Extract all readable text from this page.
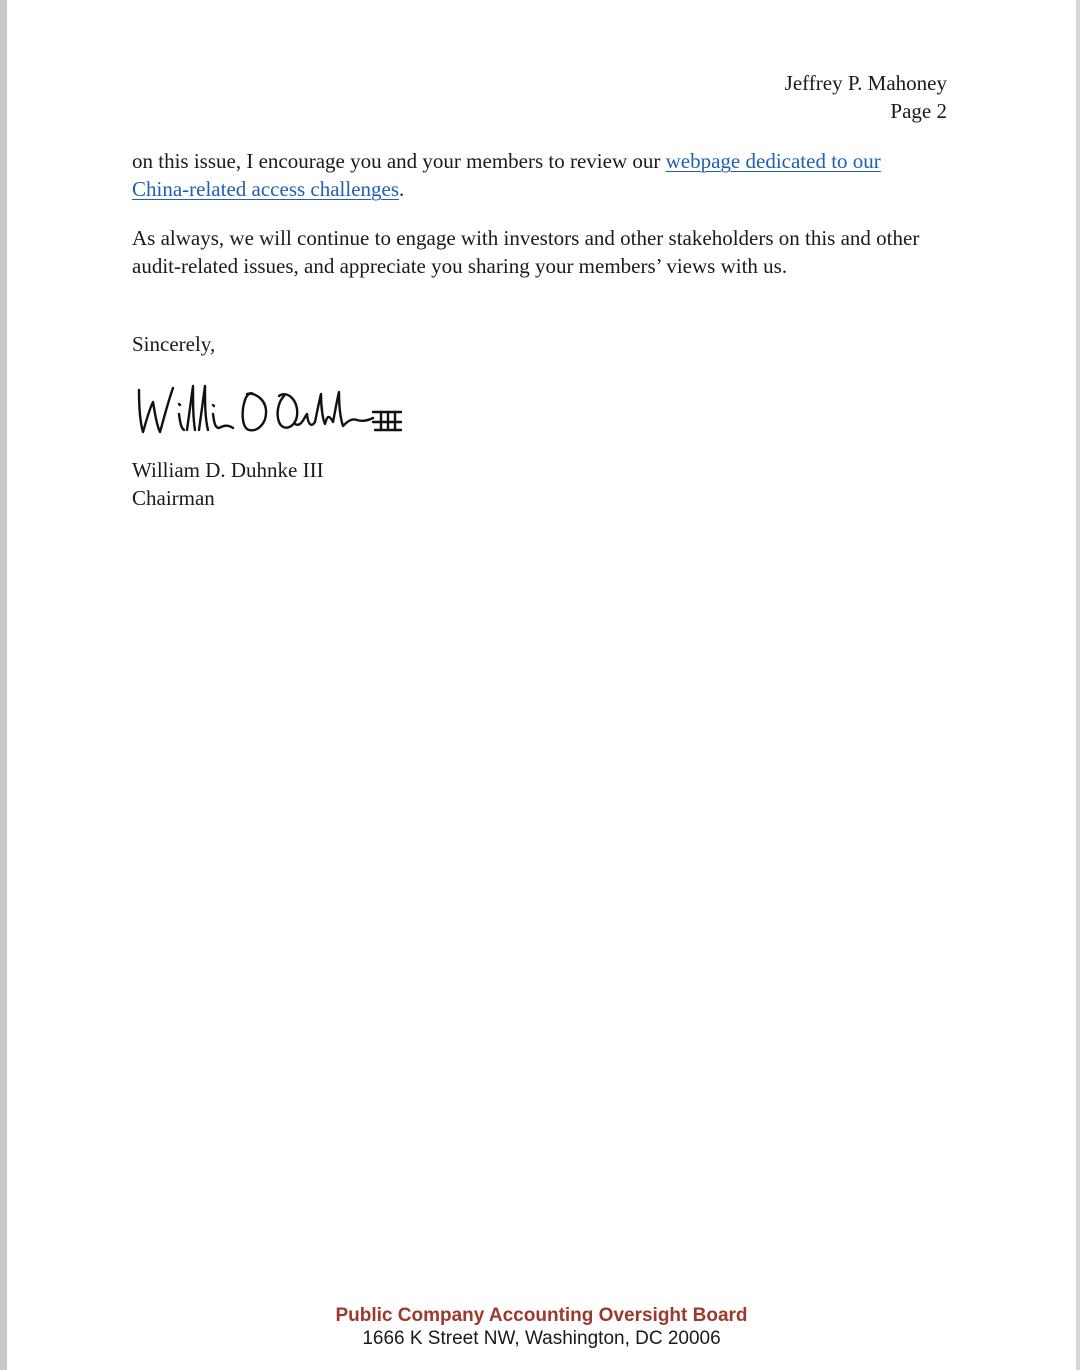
Jeffrey P. Mahoney
Page 2

on this issue, I encourage you and your members to review our webpage dedicated to our China-related access challenges.

As always, we will continue to engage with investors and other stakeholders on this and other audit-related issues, and appreciate you sharing your members’ views with us.

Sincerely,

William D. Duhnke III
Chairman
Public Company Accounting Oversight Board
1666 K Street NW, Washington, DC 20006
